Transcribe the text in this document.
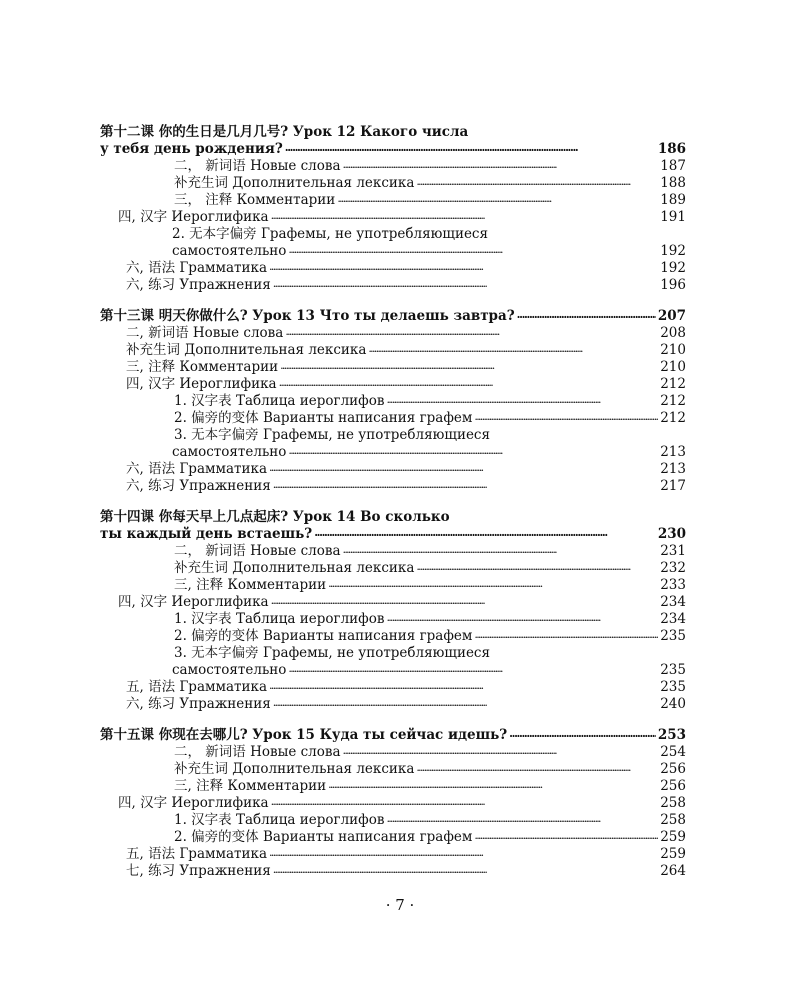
第十二课 你的生日是几月几号? Урок 12 Какого числа
у тебя день рождения? . . .	186
二， 新词语 Новые слова . . .	187
补充生词 Дополнительная лексика . . .	188
三， 注释 Комментарии . . .	189
四, 汉字 Иероглифика . . .	191
2. 无本字偏旁 Графемы, не употребляющиеся
самостоятельно . . .	192
六, 语法 Грамматика . . .	192
六, 练习 Упражнения . . .	196
第十三课 明天你做什么? Урок 13 Что ты делаешь завтра? . . .	207
二, 新词语 Новые слова . . .	208
补充生词 Дополнительная лексика . . .	210
三, 注释 Комментарии . . .	210
四, 汉字 Иероглифика . . .	212
1. 汉字表 Таблица иероглифов . . .	212
2. 偏旁的变体 Варианты написания графем . . .	212
3. 无本字偏旁 Графемы, не употребляющиеся
самостоятельно . . .	213
六, 语法 Грамматика . . .	213
六, 练习 Упражнения . . .	217
第十四课 你每天早上几点起床? Урок 14 Во сколько
ты каждый день встаешь? . . .	230
二， 新词语 Новые слова . . .	231
补充生词 Дополнительная лексика . . .	232
三, 注释 Комментарии . . .	233
四, 汉字 Иероглифика . . .	234
1. 汉字表 Таблица иероглифов . . .	234
2. 偏旁的变体 Варианты написания графем . . .	235
3. 无本字偏旁 Графемы, не употребляющиеся
самостоятельно . . .	235
五, 语法 Грамматика . . .	235
六, 练习 Упражнения . . .	240
第十五课 你现在去哪儿? Урок 15 Куда ты сейчас идешь? . . .	253
二， 新词语 Новые слова . . .	254
补充生词 Дополнительная лексика . . .	256
三, 注释 Комментарии . . .	256
四, 汉字 Иероглифика . . .	258
1. 汉字表 Таблица иероглифов . . .	258
2. 偏旁的变体 Варианты написания графем . . .	259
五, 语法 Грамматика . . .	259
七, 练习 Упражнения . . .	264
· 7 ·
